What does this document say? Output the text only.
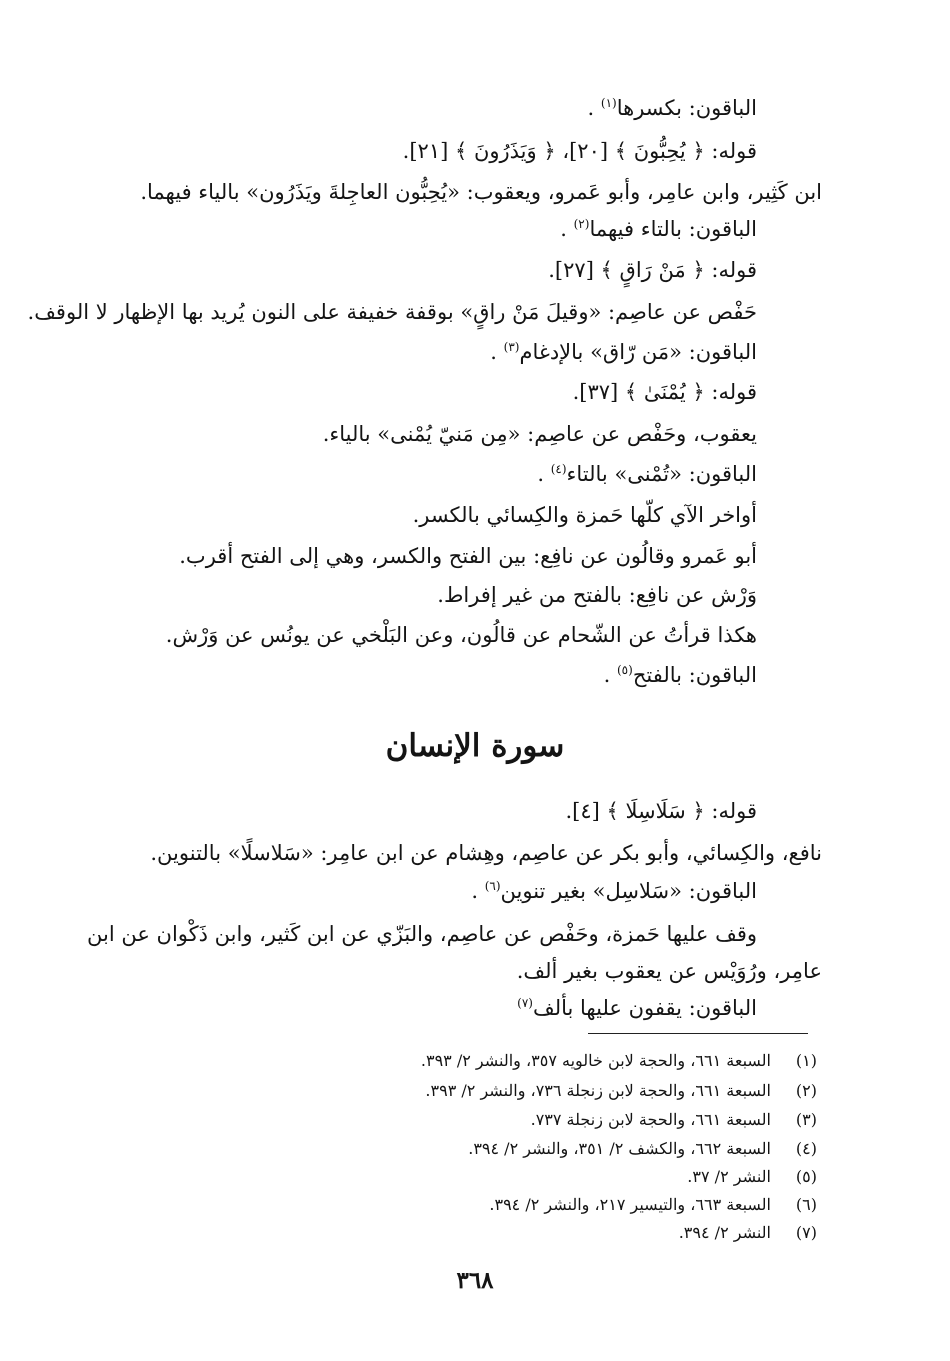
الباقون: بكسرها$^{(١)}$ .
قوله: ﴿ يُحِبُّونَ ﴾ [٢٠]، ﴿ وَيَذَرُونَ ﴾ [٢١].
ابن كَثِير، وابن عامِر، وأبو عَمرو، ويعقوب: «يُحِبُّون العاجِلةَ ويَذَرُون» بالياء فيهما.
الباقون: بالتاء فيهما$^{(٢)}$ .
قوله: ﴿ مَنْ رَاقٍ ﴾ [٢٧].
حَفْص عن عاصِم: «وقيلَ مَنْ راقٍ» بوقفة خفيفة على النون يُريد بها الإظهار لا الوقف.
الباقون: «مَن رّاق» بالإدغام$^{(٣)}$ .
قوله: ﴿ يُمْنَىٰ ﴾ [٣٧].
يعقوب، وحَفْص عن عاصِم: «مِن مَنيّ يُمْنى» بالياء.
الباقون: «تُمْنى» بالتاء$^{(٤)}$ .
أواخر الآي كلّها حَمزة والكِسائي بالكسر.
أبو عَمرو وقالُون عن نافِع: بين الفتح والكسر، وهي إلى الفتح أقرب.
وَرْش عن نافِع: بالفتح من غير إفراط.
هكذا قرأتُ عن الشّحام عن قالُون، وعن البَلْخي عن يونُس عن وَرْش.
الباقون: بالفتح$^{(٥)}$ .
سورة الإنسان
قوله: ﴿ سَلَاسِلَا ﴾ [٤].
نافع، والكِسائي، وأبو بكر عن عاصِم، وهِشام عن ابن عامِر: «سَلاسلًا» بالتنوين.
الباقون: «سَلاسِل» بغير تنوين$^{(٦)}$ .
وقف عليها حَمزة، وحَفْص عن عاصِم، والبَزّي عن ابن كَثير، وابن ذَكْوان عن ابن
عامِر، ورُوَيْس عن يعقوب بغير ألف.
الباقون: يقفون عليها بألف$^{(٧)}$
(١)السبعة ٦٦١، والحجة لابن خالويه ٣٥٧، والنشر ٢/ ٣٩٣.
(٢)السبعة ٦٦١، والحجة لابن زنجلة ٧٣٦، والنشر ٢/ ٣٩٣.
(٣)السبعة ٦٦١، والحجة لابن زنجلة ٧٣٧.
(٤)السبعة ٦٦٢، والكشف ٢/ ٣٥١، والنشر ٢/ ٣٩٤.
(٥)النشر ٢/ ٣٧.
(٦)السبعة ٦٦٣، والتيسير ٢١٧، والنشر ٢/ ٣٩٤.
(٧)النشر ٢/ ٣٩٤.
٣٦٨
